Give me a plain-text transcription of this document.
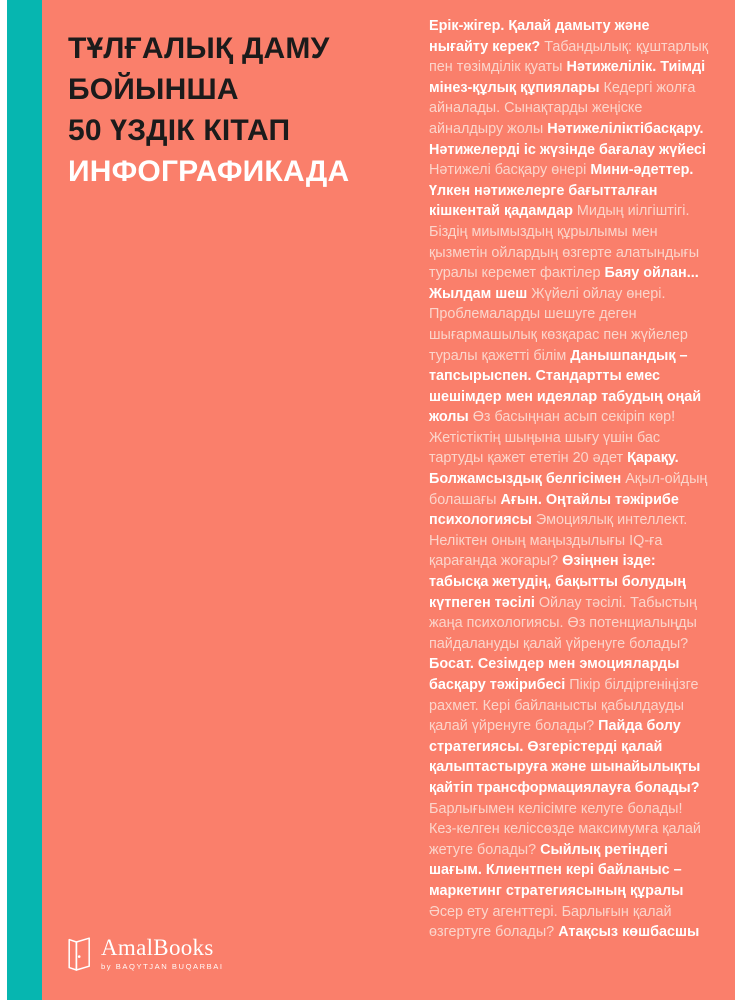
ТҰЛҒАЛЫҚ ДАМУ
БОЙЫНША
50 ҮЗДІК КІТАП
ИНФОГРАФИКАДА
Ерік-жігер. Қалай дамыту және нығайту керек? Табандылық: құштарлық пен төзімділік қуаты Нәтижелілік. Тиімді мінез-құлық құпиялары Кедергі жолға айналады. Сынақтарды жеңіске айналдыру жолы Нәтижеліліктібасқару. Нәтижелерді іс жүзінде бағалау жүйесі Нәтижелі басқару өнері Мини-әдеттер. Үлкен нәтижелерге бағытталған кішкентай қадамдар Мидың иілгіштігі. Біздің миымыздың құрылымы мен қызметін ойлардың өзгерте алатындығы туралы керемет фактілер Баяу ойлан... Жылдам шеш Жүйелі ойлау өнері. Проблемаларды шешуге деген шығармашылық көзқарас пен жүйелер туралы қажетті білім Данышпандық – тапсырыспен. Стандартты емес шешімдер мен идеялар табудың оңай жолы Өз басыңнан асып секіріп көр! Жетістіктің шыңына шығу үшін бас тартуды қажет ететін 20 әдет Қарақу. Болжамсыздық белгісімен Ақыл-ойдың болашағы Ағын. Оңтайлы тәжірибе психологиясы Эмоциялық интеллект. Неліктен оның маңыздылығы IQ-ға қарағанда жоғары? Өзіңнен ізде: табысқа жетудің, бақытты болудың күтпеген тәсілі Ойлау тәсілі. Табыстың жаңа психологиясы. Өз потенциалыңды пайдалануды қалай үйренуге болады? Босат. Сезімдер мен эмоцияларды басқару тәжірибесі Пікір білдіргеніңізге рахмет. Кері байланысты қабылдауды қалай үйренуге болады? Пайда болу стратегиясы. Өзгерістерді қалай қалыптастыруға және шынайылықты қайтіп трансформациялауға болады? Барлығымен келісімге келуге болады! Кез-келген келіссөзде максимумға қалай жетуге болады? Сыйлық ретіндегі шағым. Клиентпен кері байланыс – маркетинг стратегиясының құралы Әсер ету агенттері. Барлығын қалай өзгертуге болады? Атақсыз көшбасшы
AmalBooks
by BAQYTJAN BUQARBAI
